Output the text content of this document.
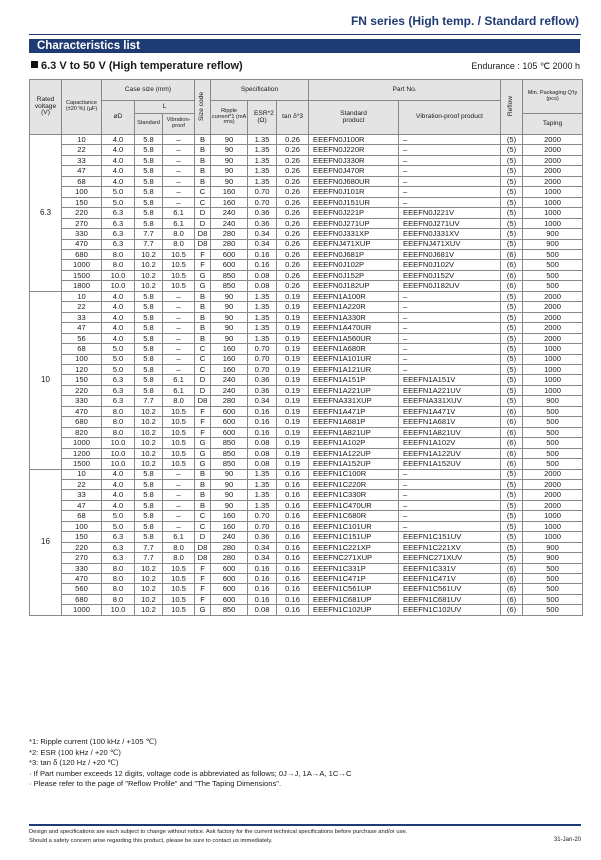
FN series (High temp. / Standard reflow)
Characteristics list
6.3 V to 50 V (High temperature reflow)	Endurance : 105 ℃ 2000 h
Rated voltage (V)	Capacitance (±20 %) (µF)	Case size (mm)			Size code	Specification			Part No.		Reflow	Min. Packaging Q'ty (pcs)
		øD	L			Ripple current*1 (mA rms)	ESR*2 (Ω)	tan δ*3	Standard product	Vibration-proof product		
			Standard	Vibration-proof								Taping
6.3	10	4.0	5.8	–	B	90	1.35	0.26	EEEFN0J100R	–	(5)	2000
	22	4.0	5.8	–	B	90	1.35	0.26	EEEFN0J220R	–	(5)	2000
	33	4.0	5.8	–	B	90	1.35	0.26	EEEFN0J330R	–	(5)	2000
	47	4.0	5.8	–	B	90	1.35	0.26	EEEFN0J470R	–	(5)	2000
	68	4.0	5.8	–	B	90	1.35	0.26	EEEFN0J680UR	–	(5)	2000
	100	5.0	5.8	–	C	160	0.70	0.26	EEEFN0J101R	–	(5)	1000
	150	5.0	5.8	–	C	160	0.70	0.26	EEEFN0J151UR	–	(5)	1000
	220	6.3	5.8	6.1	D	240	0.36	0.26	EEEFN0J221P	EEEFN0J221V	(5)	1000
	270	6.3	5.8	6.1	D	240	0.36	0.26	EEEFN0J271UP	EEEFN0J271UV	(5)	1000
	330	6.3	7.7	8.0	D8	280	0.34	0.26	EEEFN0J331XP	EEEFN0J331XV	(5)	900
	470	6.3	7.7	8.0	D8	280	0.34	0.26	EEEFNJ471XUP	EEEFNJ471XUV	(5)	900
	680	8.0	10.2	10.5	F	600	0.16	0.26	EEEFN0J681P	EEEFN0J681V	(6)	500
	1000	8.0	10.2	10.5	F	600	0.16	0.26	EEEFN0J102P	EEEFN0J102V	(6)	500
	1500	10.0	10.2	10.5	G	850	0.08	0.26	EEEFN0J152P	EEEFN0J152V	(6)	500
	1800	10.0	10.2	10.5	G	850	0.08	0.26	EEEFN0J182UP	EEEFN0J182UV	(6)	500
10	10	4.0	5.8	–	B	90	1.35	0.19	EEEFN1A100R	–	(5)	2000
	22	4.0	5.8	–	B	90	1.35	0.19	EEEFN1A220R	–	(5)	2000
	33	4.0	5.8	–	B	90	1.35	0.19	EEEFN1A330R	–	(5)	2000
	47	4.0	5.8	–	B	90	1.35	0.19	EEEFN1A470UR	–	(5)	2000
	56	4.0	5.8	–	B	90	1.35	0.19	EEEFN1A560UR	–	(5)	2000
	68	5.0	5.8	–	C	160	0.70	0.19	EEEFN1A680R	–	(5)	1000
	100	5.0	5.8	–	C	160	0.70	0.19	EEEFN1A101UR	–	(5)	1000
	120	5.0	5.8	–	C	160	0.70	0.19	EEEFN1A121UR	–	(5)	1000
	150	6.3	5.8	6.1	D	240	0.36	0.19	EEEFN1A151P	EEEFN1A151V	(5)	1000
	220	6.3	5.8	6.1	D	240	0.36	0.19	EEEFN1A221UP	EEEFN1A221UV	(5)	1000
	330	6.3	7.7	8.0	D8	280	0.34	0.19	EEEFNA331XUP	EEEFNA331XUV	(5)	900
	470	8.0	10.2	10.5	F	600	0.16	0.19	EEEFN1A471P	EEEFN1A471V	(6)	500
	680	8.0	10.2	10.5	F	600	0.16	0.19	EEEFN1A681P	EEEFN1A681V	(6)	500
	820	8.0	10.2	10.5	F	600	0.16	0.19	EEEFN1A821UP	EEEFN1A821UV	(6)	500
	1000	10.0	10.2	10.5	G	850	0.08	0.19	EEEFN1A102P	EEEFN1A102V	(6)	500
	1200	10.0	10.2	10.5	G	850	0.08	0.19	EEEFN1A122UP	EEEFN1A122UV	(6)	500
	1500	10.0	10.2	10.5	G	850	0.08	0.19	EEEFN1A152UP	EEEFN1A152UV	(6)	500
16	10	4.0	5.8	–	B	90	1.35	0.16	EEEFN1C100R	–	(5)	2000
	22	4.0	5.8	–	B	90	1.35	0.16	EEEFN1C220R	–	(5)	2000
	33	4.0	5.8	–	B	90	1.35	0.16	EEEFN1C330R	–	(5)	2000
	47	4.0	5.8	–	B	90	1.35	0.16	EEEFN1C470UR	–	(5)	2000
	68	5.0	5.8	–	C	160	0.70	0.16	EEEFN1C680R	–	(5)	1000
	100	5.0	5.8	–	C	160	0.70	0.16	EEEFN1C101UR	–	(5)	1000
	150	6.3	5.8	6.1	D	240	0.36	0.16	EEEFN1C151UP	EEEFN1C151UV	(5)	1000
	220	6.3	7.7	8.0	D8	280	0.34	0.16	EEEFN1C221XP	EEEFN1C221XV	(5)	900
	270	6.3	7.7	8.0	D8	280	0.34	0.16	EEEFNC271XUP	EEEFNC271XUV	(5)	900
	330	8.0	10.2	10.5	F	600	0.16	0.16	EEEFN1C331P	EEEFN1C331V	(6)	500
	470	8.0	10.2	10.5	F	600	0.16	0.16	EEEFN1C471P	EEEFN1C471V	(6)	500
	560	8.0	10.2	10.5	F	600	0.16	0.16	EEEFN1C561UP	EEEFN1C561UV	(6)	500
	680	8.0	10.2	10.5	F	600	0.16	0.16	EEEFN1C681UP	EEEFN1C681UV	(6)	500
	1000	10.0	10.2	10.5	G	850	0.08	0.16	EEEFN1C102UP	EEEFN1C102UV	(6)	500
*1: Ripple current (100 kHz / +105 ℃)
*2: ESR (100 kHz / +20 ℃)
*3: tan δ (120 Hz / +20 ℃)
· If Part number exceeds 12 digits, voltage code is abbreviated as follows; 0J→J, 1A→A, 1C→C
· Please refer to the page of "Reflow Profile" and "The Taping Dimensions".
Design and specifications are each subject to change without notice. Ask factory for the current technical specifications before purchase and/or use.
Should a safety concern arise regarding this product, please be sure to contact us immediately.	31-Jan-20
